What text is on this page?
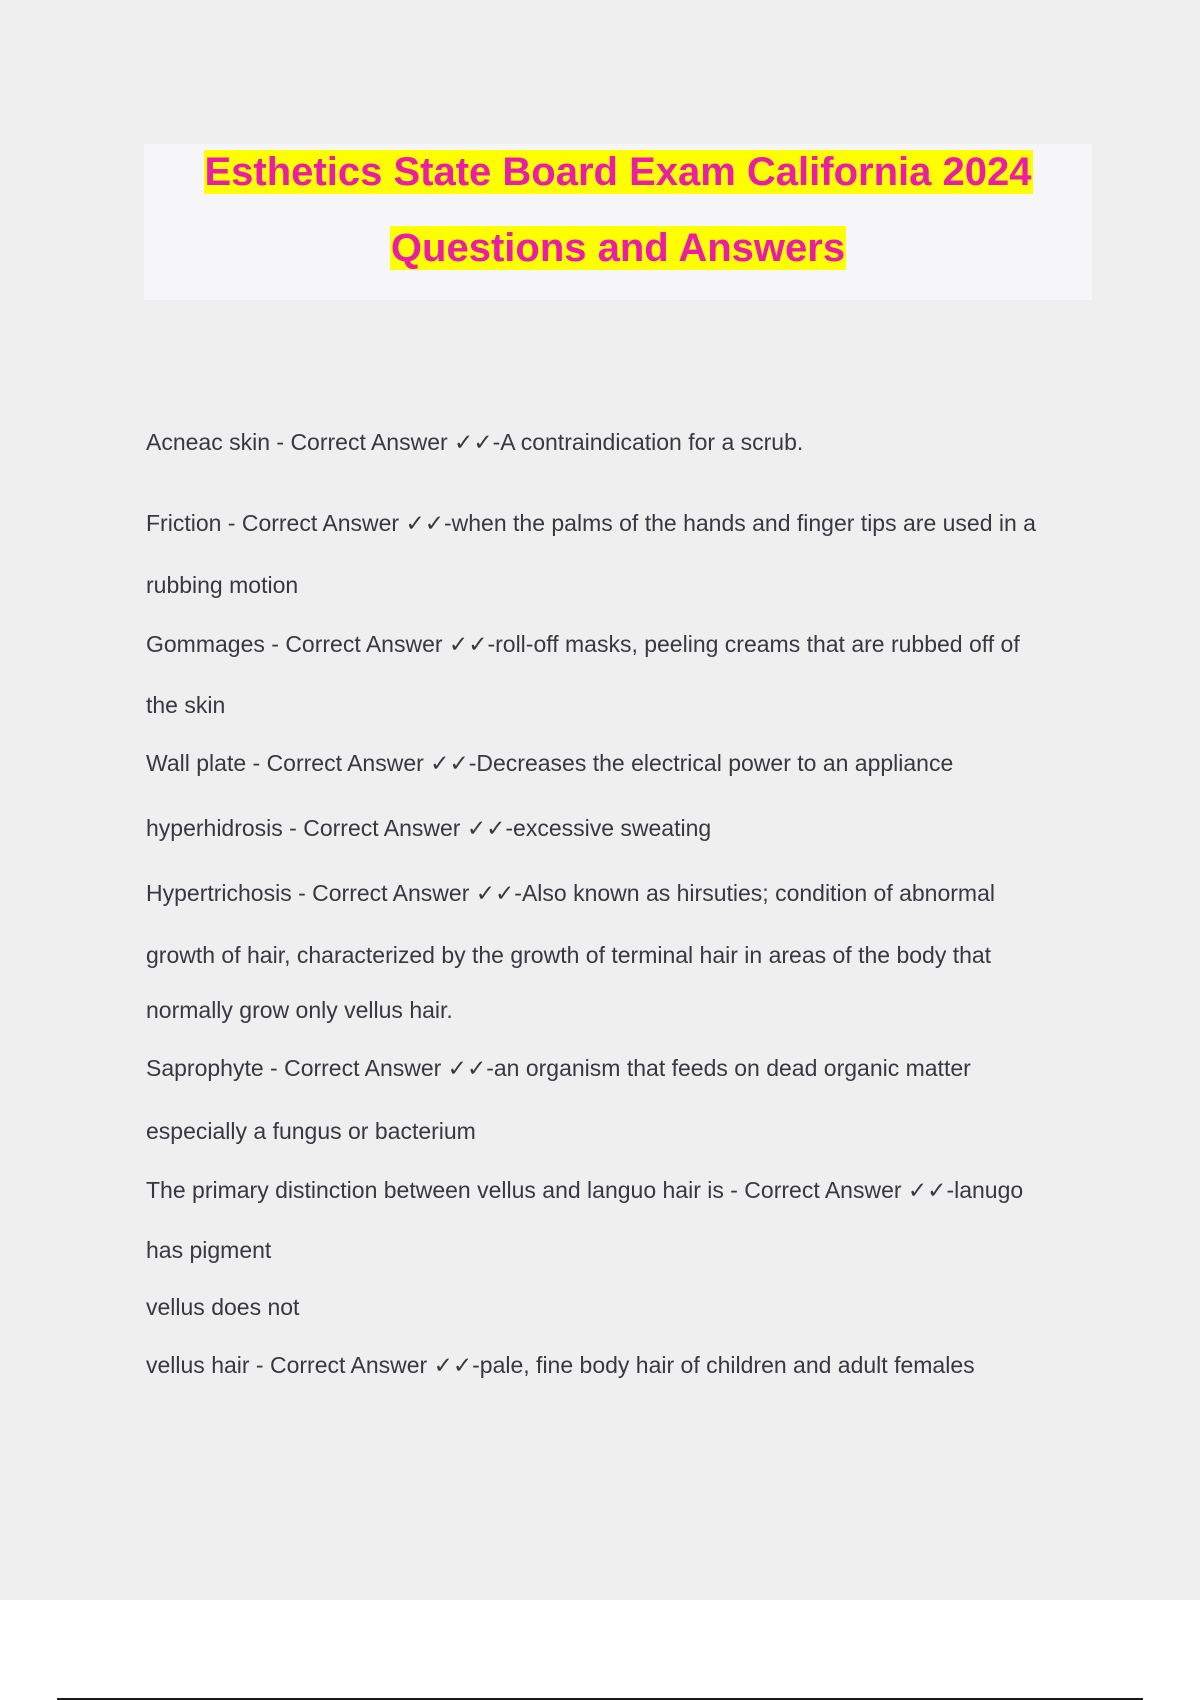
Esthetics State Board Exam California 2024
Questions and Answers
Acneac skin - Correct Answer ✓✓-A contraindication for a scrub.
Friction - Correct Answer ✓✓-when the palms of the hands and finger tips are used in a
rubbing motion
Gommages - Correct Answer ✓✓-roll-off masks, peeling creams that are rubbed off of
the skin
Wall plate - Correct Answer ✓✓-Decreases the electrical power to an appliance
hyperhidrosis - Correct Answer ✓✓-excessive sweating
Hypertrichosis - Correct Answer ✓✓-Also known as hirsuties; condition of abnormal
growth of hair, characterized by the growth of terminal hair in areas of the body that
normally grow only vellus hair.
Saprophyte - Correct Answer ✓✓-an organism that feeds on dead organic matter
especially a fungus or bacterium
The primary distinction between vellus and languo hair is - Correct Answer ✓✓-lanugo
has pigment
vellus does not
vellus hair - Correct Answer ✓✓-pale, fine body hair of children and adult females
